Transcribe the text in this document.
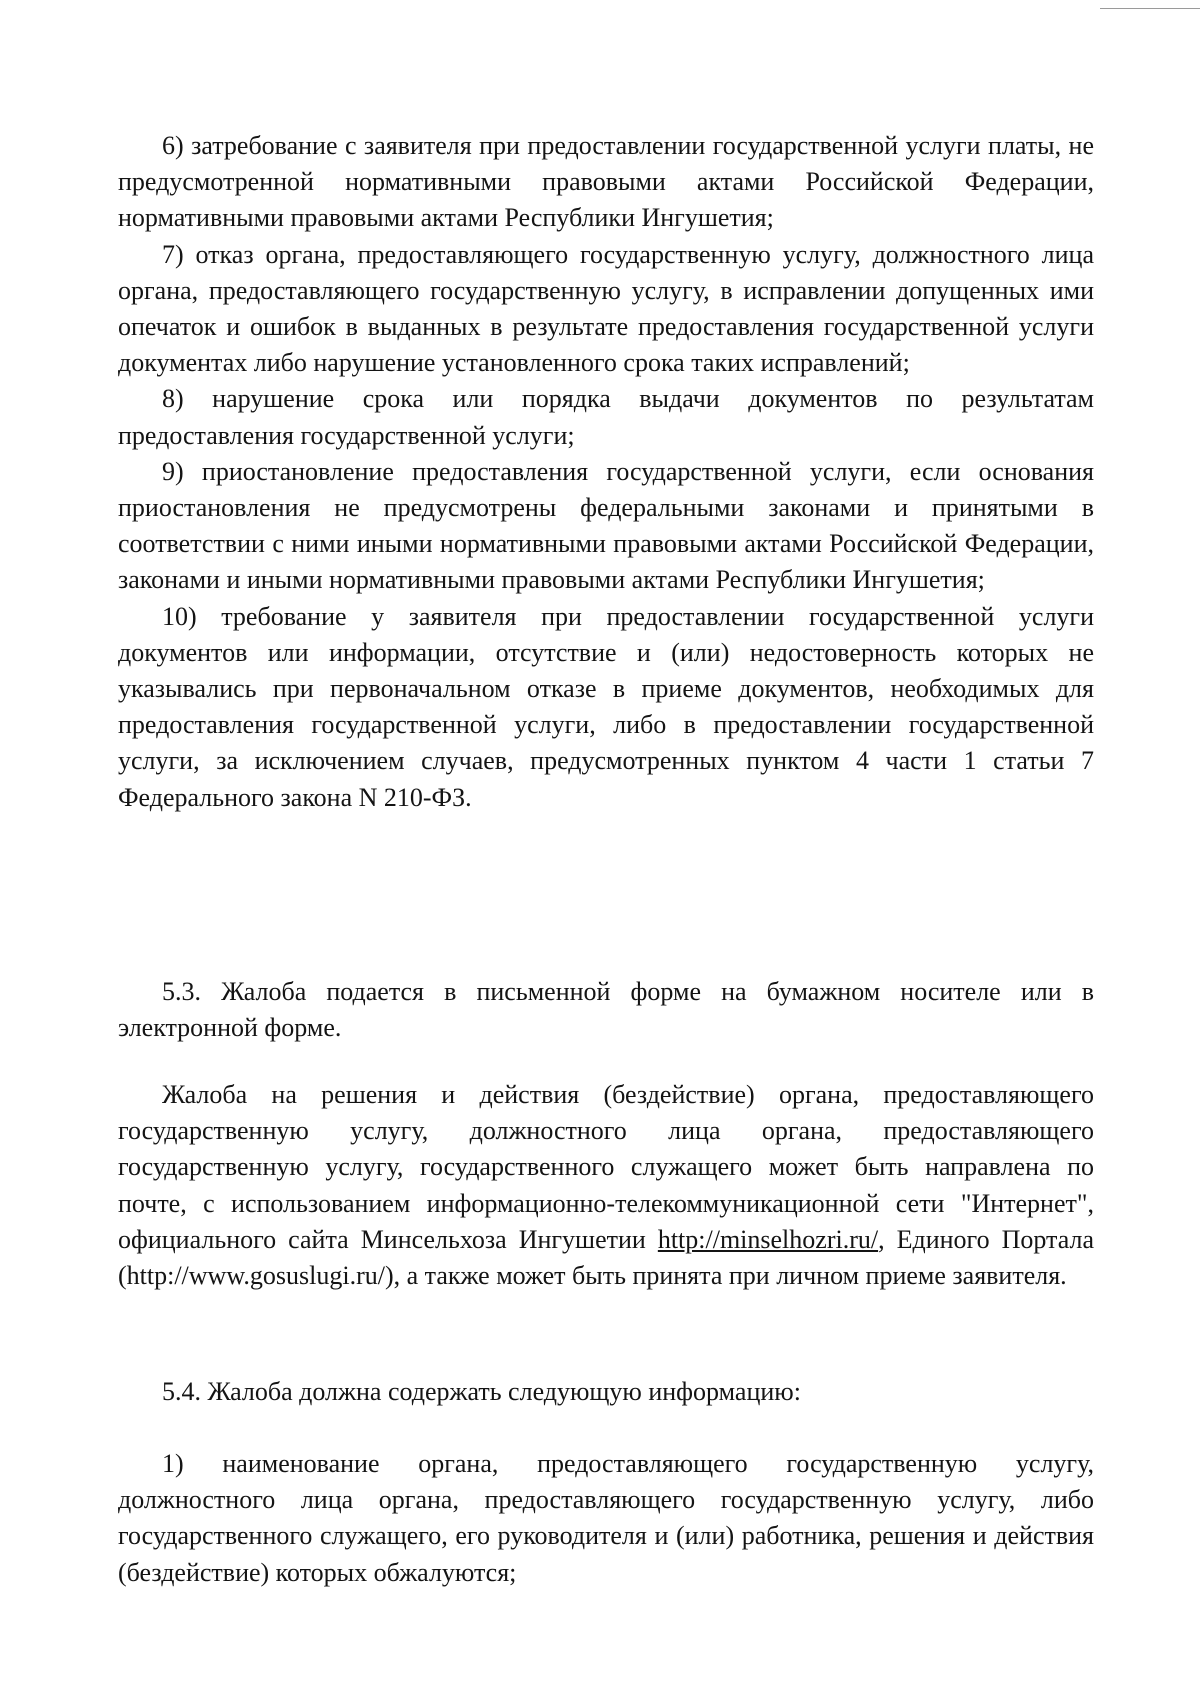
6) затребование с заявителя при предоставлении государственной услуги платы, не предусмотренной нормативными правовыми актами Российской Федерации, нормативными правовыми актами Республики Ингушетия;

7) отказ органа, предоставляющего государственную услугу, должностного лица органа, предоставляющего государственную услугу, в исправлении допущенных ими опечаток и ошибок в выданных в результате предоставления государственной услуги документах либо нарушение установленного срока таких исправлений;

8) нарушение срока или порядка выдачи документов по результатам предоставления государственной услуги;

9) приостановление предоставления государственной услуги, если основания приостановления не предусмотрены федеральными законами и принятыми в соответствии с ними иными нормативными правовыми актами Российской Федерации, законами и иными нормативными правовыми актами Республики Ингушетия;

10) требование у заявителя при предоставлении государственной услуги документов или информации, отсутствие и (или) недостоверность которых не указывались при первоначальном отказе в приеме документов, необходимых для предоставления государственной услуги, либо в предоставлении государственной услуги, за исключением случаев, предусмотренных пунктом 4 части 1 статьи 7 Федерального закона N 210-ФЗ.

5.3. Жалоба подается в письменной форме на бумажном носителе или в электронной форме.

Жалоба на решения и действия (бездействие) органа, предоставляющего государственную услугу, должностного лица органа, предоставляющего государственную услугу, государственного служащего может быть направлена по почте, с использованием информационно-телекоммуникационной сети "Интернет", официального сайта Минсельхоза Ингушетии http://minselhozri.ru/, Единого Портала (http://www.gosuslugi.ru/), а также может быть принята при личном приеме заявителя.

5.4. Жалоба должна содержать следующую информацию:

1) наименование органа, предоставляющего государственную услугу, должностного лица органа, предоставляющего государственную услугу, либо государственного служащего, его руководителя и (или) работника, решения и действия (бездействие) которых обжалуются;
